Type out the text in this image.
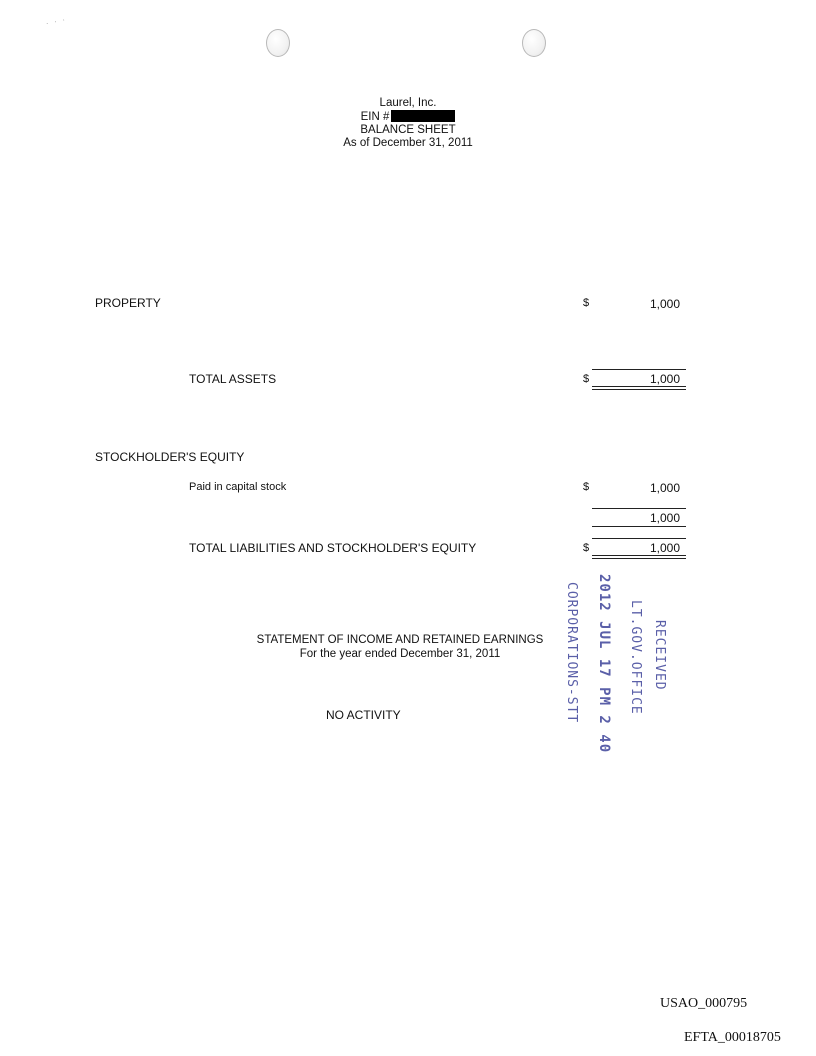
· · ·
Laurel, Inc.
EIN #
BALANCE SHEET
As of December 31, 2011
PROPERTY	$	1,000
TOTAL ASSETS	$	1,000
STOCKHOLDER'S EQUITY
Paid in capital stock	$	1,000
1,000
TOTAL LIABILITIES AND STOCKHOLDER'S EQUITY	$	1,000
STATEMENT OF INCOME AND RETAINED EARNINGS
For the year ended December 31, 2011
NO ACTIVITY
RECEIVED
LT.GOV.OFFICE
2012 JUL 17 PM 2 40
CORPORATIONS-STT
USAO_000795
EFTA_00018705
